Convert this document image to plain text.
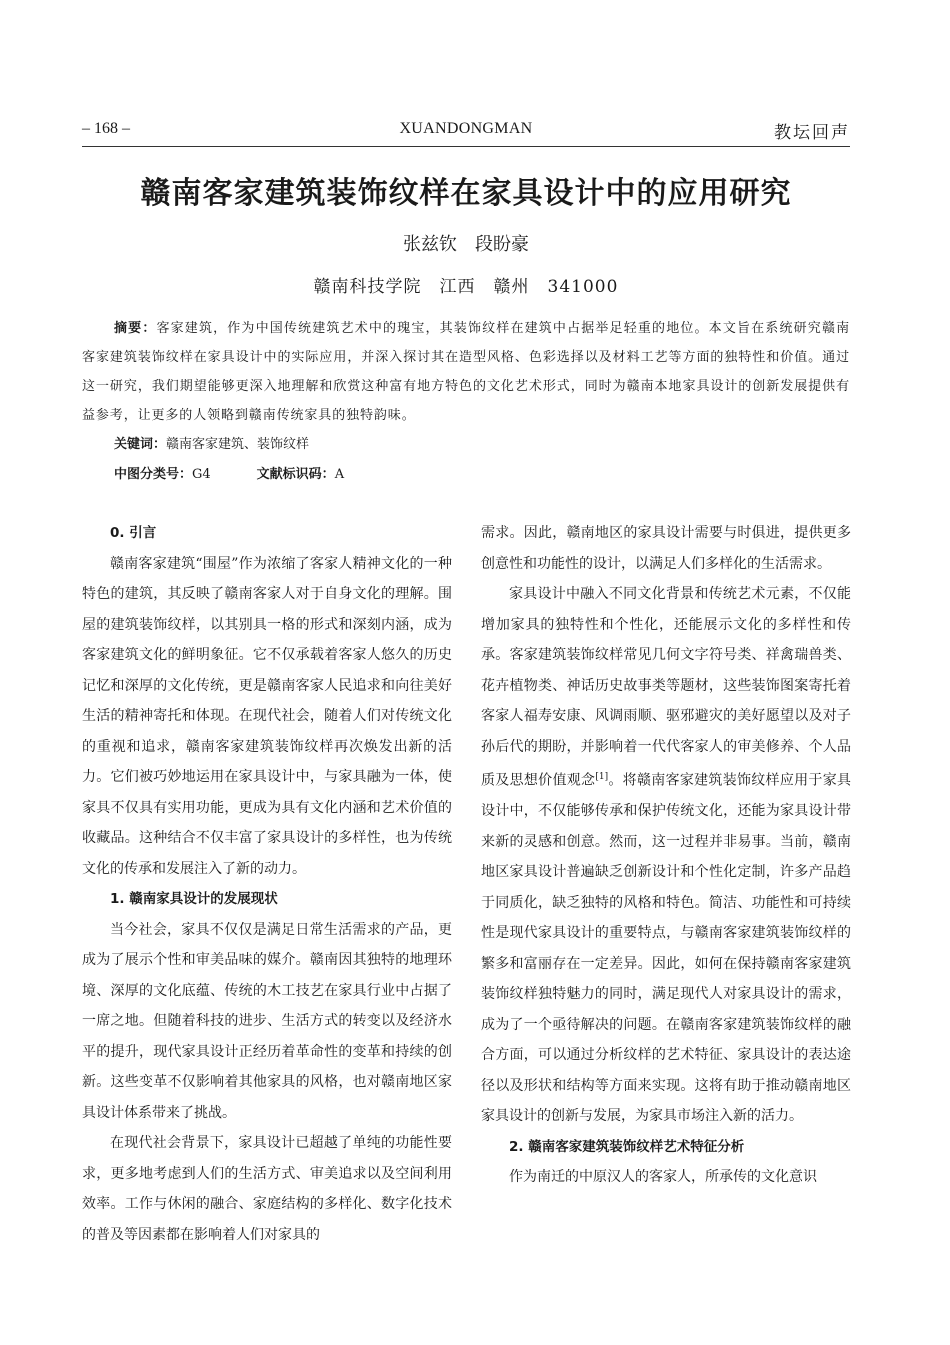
– 168 –	XUANDONGMAN	教坛回声
赣南客家建筑装饰纹样在家具设计中的应用研究
张兹钦　段盼豪
赣南科技学院　江西　赣州　341000
摘要：客家建筑，作为中国传统建筑艺术中的瑰宝，其装饰纹样在建筑中占据举足轻重的地位。本文旨在系统研究赣南客家建筑装饰纹样在家具设计中的实际应用，并深入探讨其在造型风格、色彩选择以及材料工艺等方面的独特性和价值。通过这一研究，我们期望能够更深入地理解和欣赏这种富有地方特色的文化艺术形式，同时为赣南本地家具设计的创新发展提供有益参考，让更多的人领略到赣南传统家具的独特韵味。
关键词：赣南客家建筑、装饰纹样
中图分类号：G4	文献标识码：A
0. 引言

赣南客家建筑“围屋”作为浓缩了客家人精神文化的一种特色的建筑，其反映了赣南客家人对于自身文化的理解。围屋的建筑装饰纹样，以其别具一格的形式和深刻内涵，成为客家建筑文化的鲜明象征。它不仅承载着客家人悠久的历史记忆和深厚的文化传统，更是赣南客家人民追求和向往美好生活的精神寄托和体现。在现代社会，随着人们对传统文化的重视和追求，赣南客家建筑装饰纹样再次焕发出新的活力。它们被巧妙地运用在家具设计中，与家具融为一体，使家具不仅具有实用功能，更成为具有文化内涵和艺术价值的收藏品。这种结合不仅丰富了家具设计的多样性，也为传统文化的传承和发展注入了新的动力。

1. 赣南家具设计的发展现状

当今社会，家具不仅仅是满足日常生活需求的产品，更成为了展示个性和审美品味的媒介。赣南因其独特的地理环境、深厚的文化底蕴、传统的木工技艺在家具行业中占据了一席之地。但随着科技的进步、生活方式的转变以及经济水平的提升，现代家具设计正经历着革命性的变革和持续的创新。这些变革不仅影响着其他家具的风格，也对赣南地区家具设计体系带来了挑战。

在现代社会背景下，家具设计已超越了单纯的功能性要求，更多地考虑到人们的生活方式、审美追求以及空间利用效率。工作与休闲的融合、家庭结构的多样化、数字化技术的普及等因素都在影响着人们对家具的

需求。因此，赣南地区的家具设计需要与时俱进，提供更多创意性和功能性的设计，以满足人们多样化的生活需求。

家具设计中融入不同文化背景和传统艺术元素，不仅能增加家具的独特性和个性化，还能展示文化的多样性和传承。客家建筑装饰纹样常见几何文字符号类、祥禽瑞兽类、花卉植物类、神话历史故事类等题材，这些装饰图案寄托着客家人福寿安康、风调雨顺、驱邪避灾的美好愿望以及对子孙后代的期盼，并影响着一代代客家人的审美修养、个人品质及思想价值观念[1]。将赣南客家建筑装饰纹样应用于家具设计中，不仅能够传承和保护传统文化，还能为家具设计带来新的灵感和创意。然而，这一过程并非易事。当前，赣南地区家具设计普遍缺乏创新设计和个性化定制，许多产品趋于同质化，缺乏独特的风格和特色。简洁、功能性和可持续性是现代家具设计的重要特点，与赣南客家建筑装饰纹样的繁多和富丽存在一定差异。因此，如何在保持赣南客家建筑装饰纹样独特魅力的同时，满足现代人对家具设计的需求，成为了一个亟待解决的问题。在赣南客家建筑装饰纹样的融合方面，可以通过分析纹样的艺术特征、家具设计的表达途径以及形状和结构等方面来实现。这将有助于推动赣南地区家具设计的创新与发展，为家具市场注入新的活力。

2. 赣南客家建筑装饰纹样艺术特征分析

作为南迁的中原汉人的客家人，所承传的文化意识
